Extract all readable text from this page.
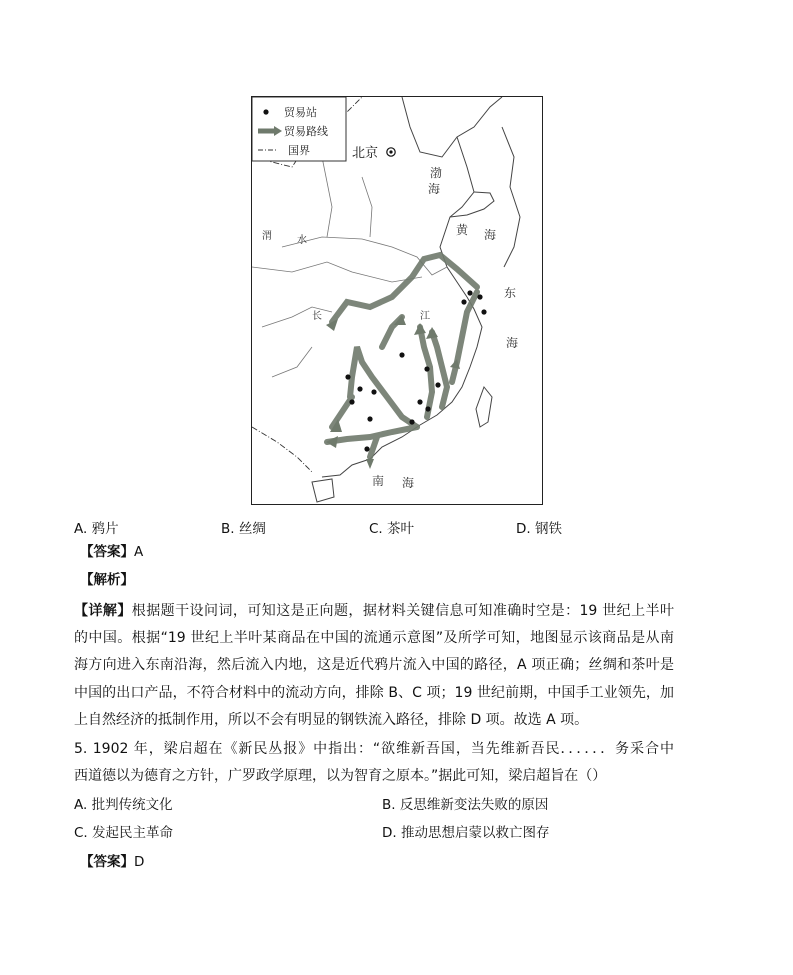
北京
渤
海
黄 海
东
海
南 海
渭	水
长	江
贸易站
贸易路线
国界
A. 鸦片	B. 丝绸	C. 茶叶	D. 钢铁
【答案】A
【解析】
【详解】根据题干设问词，可知这是正向题，据材料关键信息可知准确时空是：19 世纪上半叶
的中国。根据“19 世纪上半叶某商品在中国的流通示意图”及所学可知，地图显示该商品是从南
海方向进入东南沿海，然后流入内地，这是近代鸦片流入中国的路径，A 项正确；丝绸和茶叶是
中国的出口产品，不符合材料中的流动方向，排除 B、C 项；19 世纪前期，中国手工业领先，加
上自然经济的抵制作用，所以不会有明显的钢铁流入路径，排除 D 项。故选 A 项。
5. 1902 年，梁启超在《新民丛报》中指出：“欲维新吾国，当先维新吾民．．．．．．务采合中
西道德以为德育之方针，广罗政学原理，以为智育之原本。”据此可知，梁启超旨在（）
A. 批判传统文化	B. 反思维新变法失败的原因
C. 发起民主革命	D. 推动思想启蒙以救亡图存
【答案】D
